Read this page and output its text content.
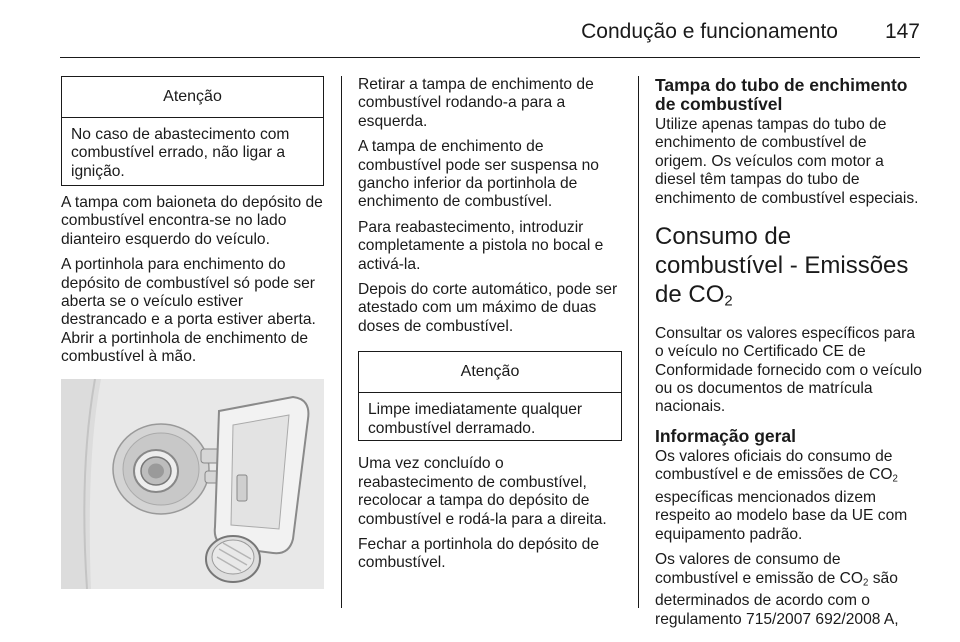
Condução e funcionamento 147
Atenção
No caso de abastecimento com combustível errado, não ligar a ignição.

A tampa com baioneta do depósito de combustível encontra-se no lado dianteiro esquerdo do veículo.

A portinhola para enchimento do depósito de combustível só pode ser aberta se o veículo estiver destrancado e a porta estiver aberta. Abrir a portinhola de enchimento de combustível à mão.

Retirar a tampa de enchimento de combustível rodando-a para a esquerda.

A tampa de enchimento de combustível pode ser suspensa no gancho inferior da portinhola de enchimento de combustível.

Para reabastecimento, introduzir completamente a pistola no bocal e activá-la.

Depois do corte automático, pode ser atestado com um máximo de duas doses de combustível.

Atenção
Limpe imediatamente qualquer combustível derramado.

Uma vez concluído o reabastecimento de combustível, recolocar a tampa do depósito de combustível e rodá-la para a direita.

Fechar a portinhola do depósito de combustível.

Tampa do tubo de enchimento de combustível

Utilize apenas tampas do tubo de enchimento de combustível de origem. Os veículos com motor a diesel têm tampas do tubo de enchimento de combustível especiais.

Consumo de combustível - Emissões de $CO_2$

Consultar os valores específicos para o veículo no Certificado CE de Conformidade fornecido com o veículo ou os documentos de matrícula nacionais.

Informação geral

Os valores oficiais do consumo de combustível e de emissões de $CO_2$ específicas mencionados dizem respeito ao modelo base da UE com equipamento padrão.

Os valores de consumo de combustível e emissão de $CO_2$ são determinados de acordo com o regulamento 715/2007 692/2008 A,
